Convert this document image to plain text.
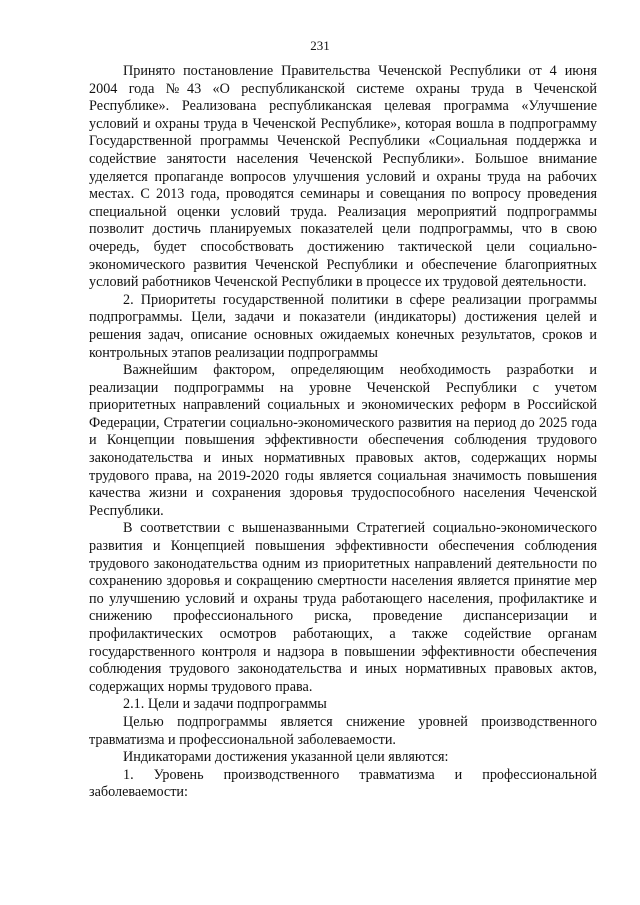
231

Принято постановление Правительства Чеченской Республики от 4 июня 2004 года №43 «О республиканской системе охраны труда в Чеченской Республике». Реализована республиканская целевая программа «Улучшение условий и охраны труда в Чеченской Республике», которая вошла в подпрограмму Государственной программы Чеченской Республики «Социальная поддержка и содействие занятости населения Чеченской Республики». Большое внимание уделяется пропаганде вопросов улучшения условий и охраны труда на рабочих местах. С 2013 года, проводятся семинары и совещания по вопросу проведения специальной оценки условий труда. Реализация мероприятий подпрограммы позволит достичь планируемых показателей цели подпрограммы, что в свою очередь, будет способствовать достижению тактической цели социально-экономического развития Чеченской Республики и обеспечение благоприятных условий работников Чеченской Республики в процессе их трудовой деятельности.

2. Приоритеты государственной политики в сфере реализации программы подпрограммы. Цели, задачи и показатели (индикаторы) достижения целей и решения задач, описание основных ожидаемых конечных результатов, сроков и контрольных этапов реализации подпрограммы

Важнейшим фактором, определяющим необходимость разработки и реализации подпрограммы на уровне Чеченской Республики с учетом приоритетных направлений социальных и экономических реформ в Российской Федерации, Стратегии социально-экономического развития на период до 2025 года и Концепции повышения эффективности обеспечения соблюдения трудового законодательства и иных нормативных правовых актов, содержащих нормы трудового права, на 2019-2020 годы является социальная значимость повышения качества жизни и сохранения здоровья трудоспособного населения Чеченской Республики.

В соответствии с вышеназванными Стратегией социально-экономического развития и Концепцией повышения эффективности обеспечения соблюдения трудового законодательства одним из приоритетных направлений деятельности по сохранению здоровья и сокращению смертности населения является принятие мер по улучшению условий и охраны труда работающего населения, профилактике и снижению профессионального риска, проведение диспансеризации и профилактических осмотров работающих, а также содействие органам государственного контроля и надзора в повышении эффективности обеспечения соблюдения трудового законодательства и иных нормативных правовых актов, содержащих нормы трудового права.

2.1. Цели и задачи подпрограммы

Целью подпрограммы является снижение уровней производственного травматизма и профессиональной заболеваемости.

Индикаторами достижения указанной цели являются:

1. Уровень производственного травматизма и профессиональной заболеваемости:
